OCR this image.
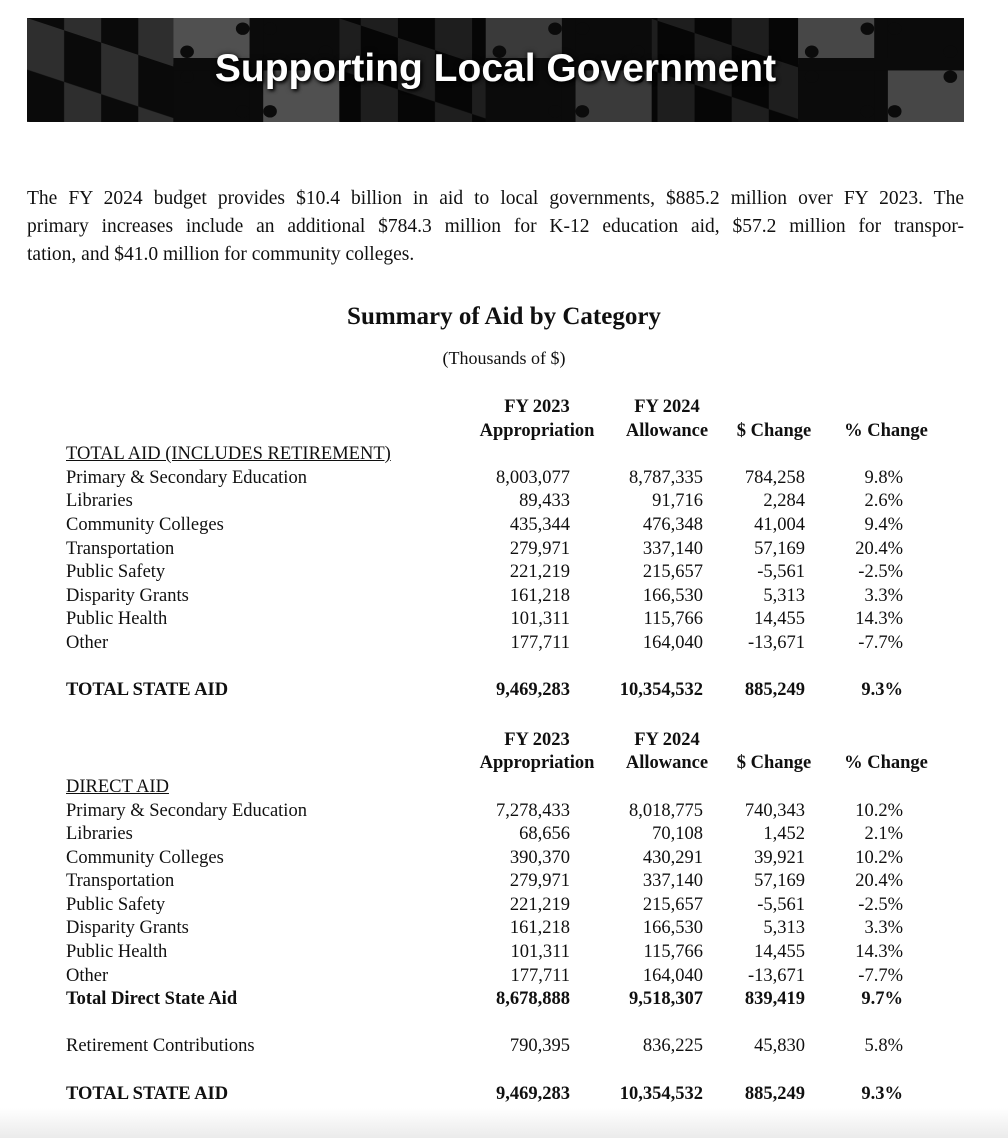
Supporting Local Government
The FY 2024 budget provides $10.4 billion in aid to local governments, $885.2 million over FY 2023. The
primary increases include an additional $784.3 million for K-12 education aid, $57.2 million for transpor-
tation, and $41.0 million for community colleges.
Summary of Aid by Category
(Thousands of $)
FY 2023	FY 2024
Appropriation	Allowance	$ Change	% Change
TOTAL AID (INCLUDES RETIREMENT)
Primary & Secondary Education	8,003,077	8,787,335	784,258	9.8%
Libraries	89,433	91,716	2,284	2.6%
Community Colleges	435,344	476,348	41,004	9.4%
Transportation	279,971	337,140	57,169	20.4%
Public Safety	221,219	215,657	-5,561	-2.5%
Disparity Grants	161,218	166,530	5,313	3.3%
Public Health	101,311	115,766	14,455	14.3%
Other	177,711	164,040	-13,671	-7.7%
TOTAL STATE AID	9,469,283	10,354,532	885,249	9.3%
FY 2023	FY 2024
Appropriation	Allowance	$ Change	% Change
DIRECT AID
Primary & Secondary Education	7,278,433	8,018,775	740,343	10.2%
Libraries	68,656	70,108	1,452	2.1%
Community Colleges	390,370	430,291	39,921	10.2%
Transportation	279,971	337,140	57,169	20.4%
Public Safety	221,219	215,657	-5,561	-2.5%
Disparity Grants	161,218	166,530	5,313	3.3%
Public Health	101,311	115,766	14,455	14.3%
Other	177,711	164,040	-13,671	-7.7%
Total Direct State Aid	8,678,888	9,518,307	839,419	9.7%
Retirement Contributions	790,395	836,225	45,830	5.8%
TOTAL STATE AID	9,469,283	10,354,532	885,249	9.3%
